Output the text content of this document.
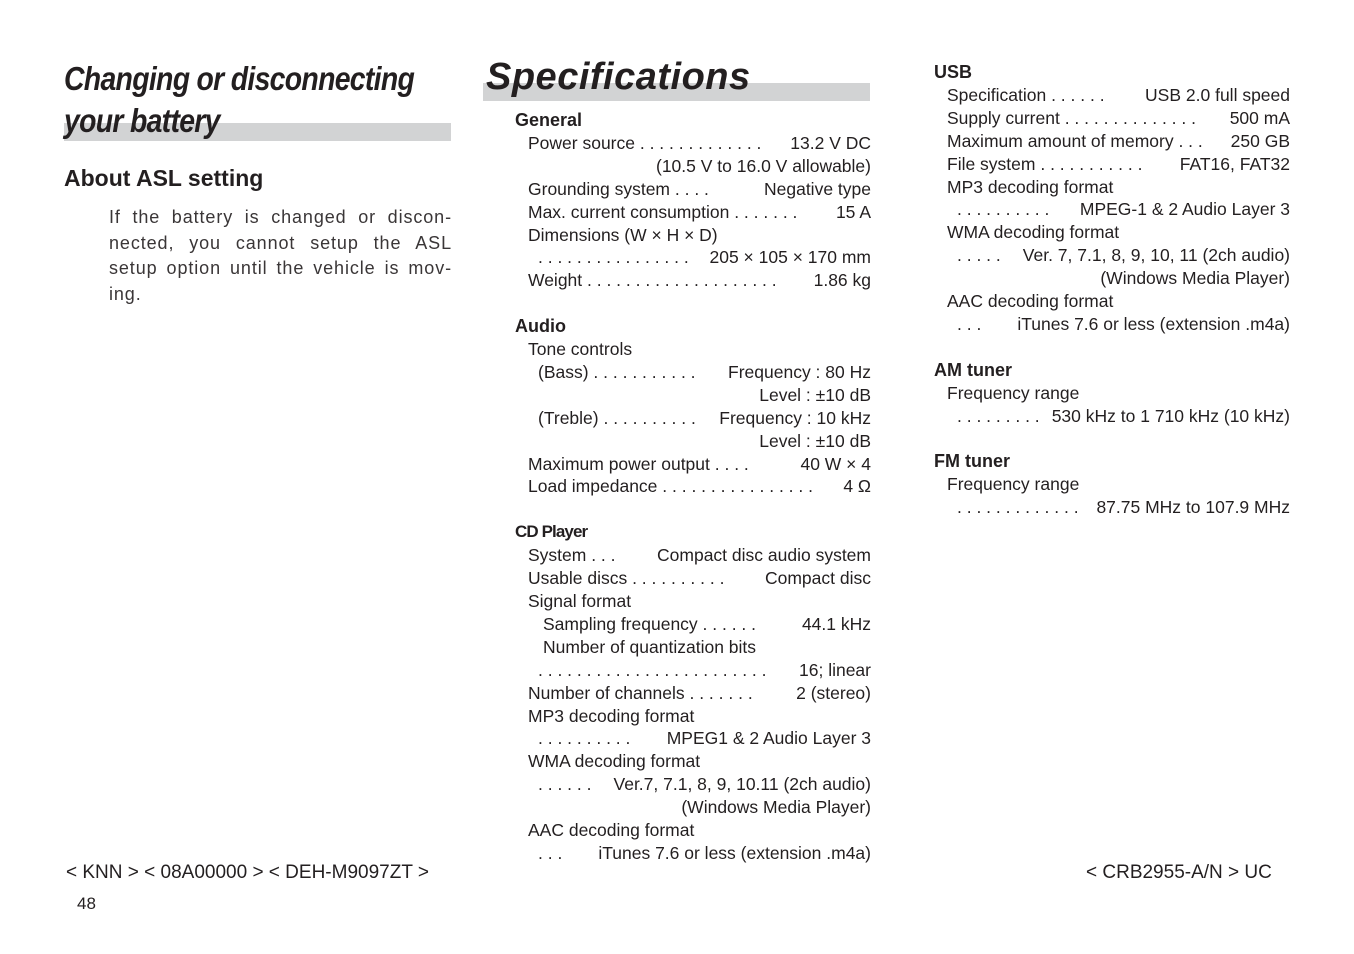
Changing or disconnecting
your battery
About ASL setting
If the battery is changed or discon-
nected, you cannot setup the ASL
setup option until the vehicle is mov-
ing.
Specifications
General
Power source . . . . . . . . . . . . . 13.2 V DC
(10.5 V to 16.0 V allowable)
Grounding system . . . .	Negative type
Max. current consumption . . . . . . . 15 A
Dimensions (W × H × D)
. . . . . . . . . . . . . . . . 205 × 105 × 170 mm
Weight . . . . . . . . . . . . . . . . . . . . 1.86 kg
Audio
Tone controls
(Bass) . . . . . . . . . . . Frequency : 80 Hz
Level : ±10 dB
(Treble) . . . . . . . . . . Frequency : 10 kHz
Level : ±10 dB
Maximum power output . . . .	40 W × 4
Load impedance . . . . . . . . . . . . . . . . 4 Ω
CD Player
System . . . Compact disc audio system
Usable discs . . . . . . . . . . Compact disc
Signal format
Sampling frequency . . . . . .	44.1 kHz
Number of quantization bits
. . . . . . . . . . . . . . . . . . . . . . . . 16; linear
Number of channels . . . . . . . 2 (stereo)
MP3 decoding format
. . . . . . . . . . MPEG1 & 2 Audio Layer 3
WMA decoding format
. . . . . . Ver.7, 7.1, 8, 9, 10.11 (2ch audio)
(Windows Media Player)
AAC decoding format
. . . iTunes 7.6 or less (extension .m4a)
USB
Specification . . . . . . USB 2.0 full speed
Supply current . . . . . . . . . . . . . . 500 mA
Maximum amount of memory . . . 250 GB
File system . . . . . . . . . . . FAT16, FAT32
MP3 decoding format
. . . . . . . . . . MPEG-1 & 2 Audio Layer 3
WMA decoding format
. . . . . Ver. 7, 7.1, 8, 9, 10, 11 (2ch audio)
(Windows Media Player)
AAC decoding format
. . . iTunes 7.6 or less (extension .m4a)
AM tuner
Frequency range
. . . . . . . . . 530 kHz to 1 710 kHz (10 kHz)
FM tuner
Frequency range
. . . . . . . . . . . . . 87.75 MHz to 107.9 MHz
< KNN > < 08A00000 > < DEH-M9097ZT >	< CRB2955-A/N > UC
48
